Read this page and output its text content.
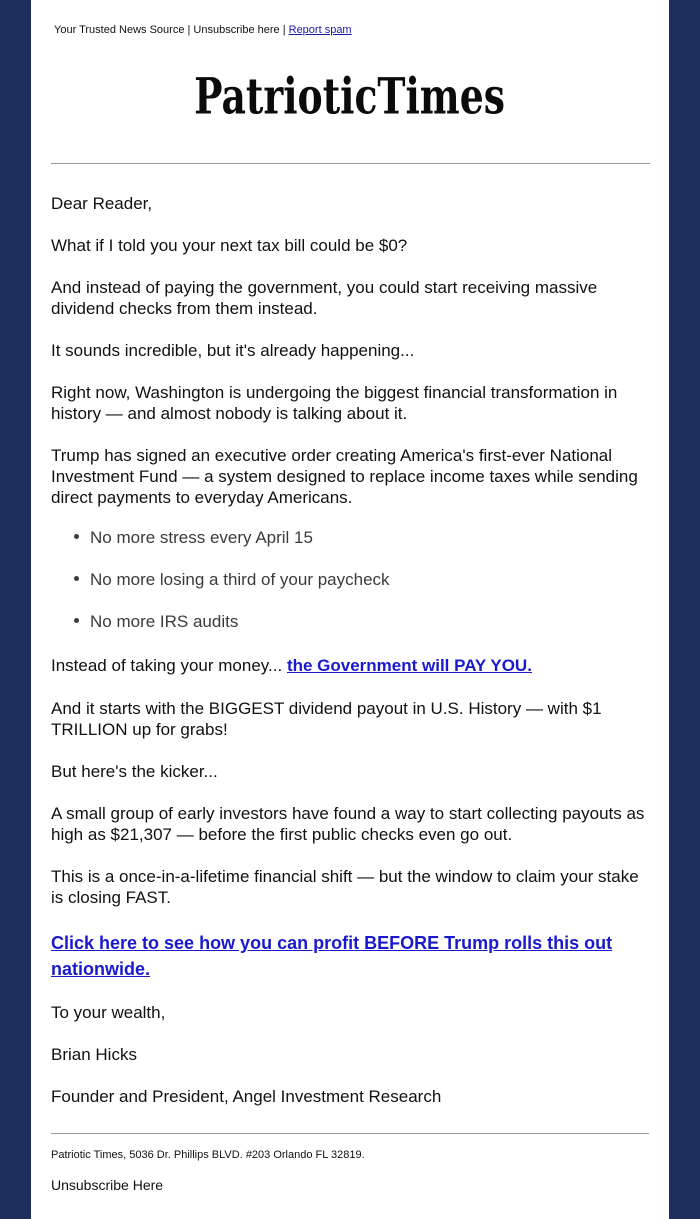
Your Trusted News Source | Unsubscribe here | Report spam
PatrioticTimes
Dear Reader,
What if I told you your next tax bill could be $0?
And instead of paying the government, you could start receiving massive dividend checks from them instead.
It sounds incredible, but it's already happening...
Right now, Washington is undergoing the biggest financial transformation in history — and almost nobody is talking about it.
Trump has signed an executive order creating America's first-ever National Investment Fund — a system designed to replace income taxes while sending direct payments to everyday Americans.
No more stress every April 15
No more losing a third of your paycheck
No more IRS audits
Instead of taking your money... the Government will PAY YOU.
And it starts with the BIGGEST dividend payout in U.S. History — with $1 TRILLION up for grabs!
But here's the kicker...
A small group of early investors have found a way to start collecting payouts as high as $21,307 — before the first public checks even go out.
This is a once-in-a-lifetime financial shift — but the window to claim your stake is closing FAST.
Click here to see how you can profit BEFORE Trump rolls this out nationwide.
To your wealth,
Brian Hicks
Founder and President, Angel Investment Research
Patriotic Times, 5036 Dr. Phillips BLVD. #203 Orlando FL 32819.
Unsubscribe Here
